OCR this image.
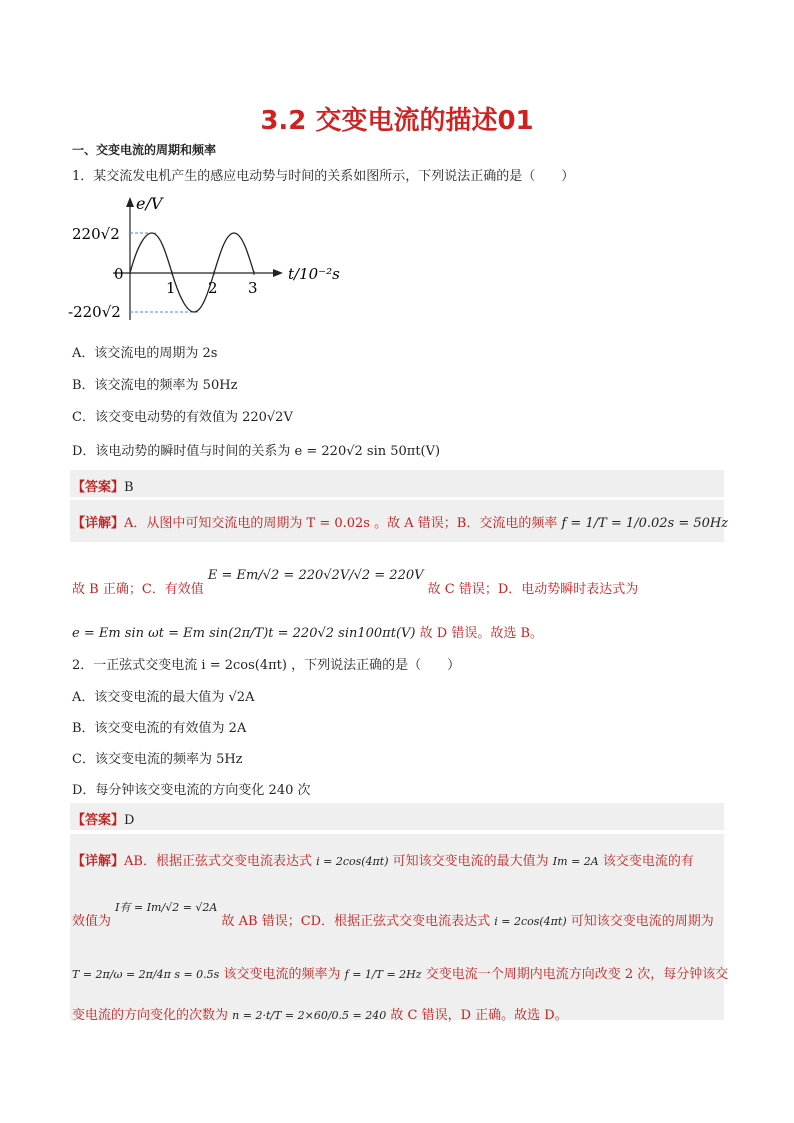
3.2 交变电流的描述01
一、交变电流的周期和频率
1．某交流发电机产生的感应电动势与时间的关系如图所示，下列说法正确的是（　　）
e/V
220√2
0
-220√2
1 2 3
t/10⁻²s
A．该交流电的周期为 2s
B．该交流电的频率为 50Hz
C．该交变电动势的有效值为 220√2V
D．该电动势的瞬时值与时间的关系为 e = 220√2 sin 50πt(V)
【答案】B
【详解】A．从图中可知交流电的周期为 T = 0.02s 。故 A 错误；B．交流电的频率 f = 1/T = 1/0.02s = 50Hz
故 B 正确；C．有效值 E = Em/√2 = 220√2V/√2 = 220V 故 C 错误；D．电动势瞬时表达式为
e = Em sin ωt = Em sin(2π/T)t = 220√2 sin100πt(V) 故 D 错误。故选 B。
2．一正弦式交变电流 i = 2cos(4πt) ，下列说法正确的是（　　）
A．该交变电流的最大值为 √2A
B．该交变电流的有效值为 2A
C．该交变电流的频率为 5Hz
D．每分钟该交变电流的方向变化 240 次
【答案】D
【详解】AB．根据正弦式交变电流表达式 i = 2cos(4πt) 可知该交变电流的最大值为 Im = 2A 该交变电流的有
效值为 $^{I有 = Im/√2 = √2A}$ 故 AB 错误；CD．根据正弦式交变电流表达式 i = 2cos(4πt) 可知该交变电流的周期为
T = 2π/ω = 2π/4π s = 0.5s 该交变电流的频率为 f = 1/T = 2Hz 交变电流一个周期内电流方向改变 2 次，每分钟该交
变电流的方向变化的次数为 n = 2·t/T = 2×60/0.5 = 240 故 C 错误，D 正确。故选 D。
